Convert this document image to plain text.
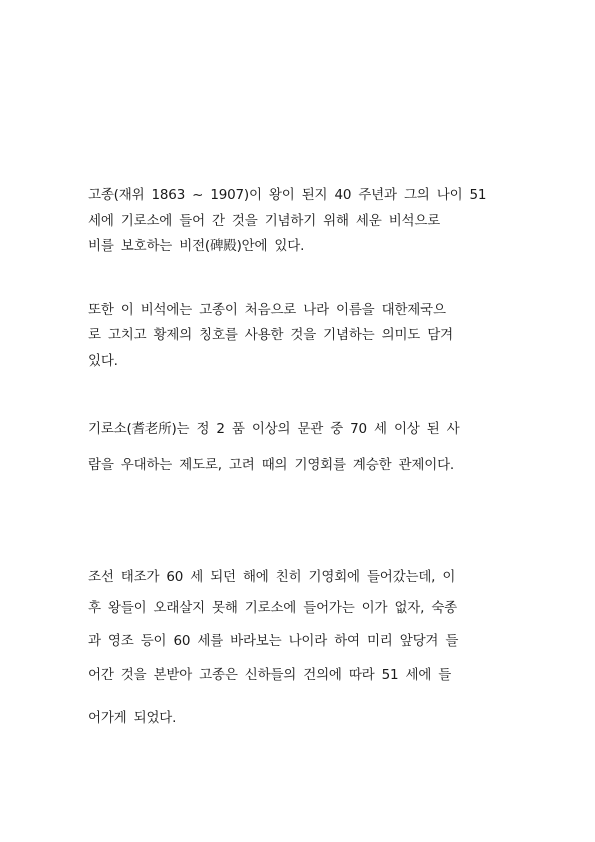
고종(재위 1863 ~ 1907)이 왕이 된지 40 주년과 그의 나이 51
세에 기로소에 들어 간 것을 기념하기 위해 세운 비석으로
비를 보호하는 비전(碑殿)안에 있다.
또한 이 비석에는 고종이 처음으로 나라 이름을 대한제국으
로 고치고 황제의 칭호를 사용한 것을 기념하는 의미도 담겨
있다.
기로소(耆老所)는 정 2 품 이상의 문관 중 70 세 이상 된 사
람을 우대하는 제도로, 고려 때의 기영회를 계승한 관제이다.
조선 태조가 60 세 되던 해에 친히 기영회에 들어갔는데, 이
후 왕들이 오래살지 못해 기로소에 들어가는 이가 없자, 숙종
과 영조 등이 60 세를 바라보는 나이라 하여 미리 앞당겨 들
어간 것을 본받아 고종은 신하들의 건의에 따라 51 세에 들
어가게 되었다.
